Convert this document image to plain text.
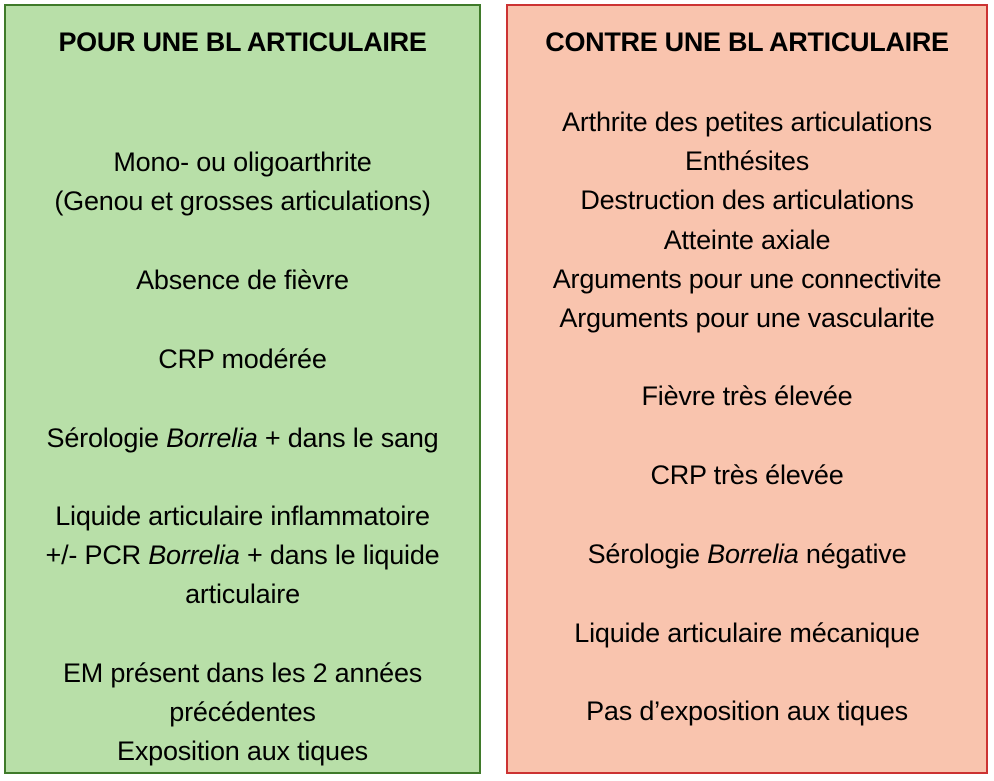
POUR UNE BL ARTICULAIRE

Mono- ou oligoarthrite

(Genou et grosses articulations)

Absence de fièvre

CRP modérée

Sérologie Borrelia + dans le sang

Liquide articulaire inflammatoire

+/- PCR Borrelia + dans le liquide

articulaire

EM présent dans les 2 années

précédentes

Exposition aux tiques

CONTRE UNE BL ARTICULAIRE

Arthrite des petites articulations

Enthésites

Destruction des articulations

Atteinte axiale

Arguments pour une connectivite

Arguments pour une vascularite

Fièvre très élevée

CRP très élevée

Sérologie Borrelia négative

Liquide articulaire mécanique

Pas d’exposition aux tiques
